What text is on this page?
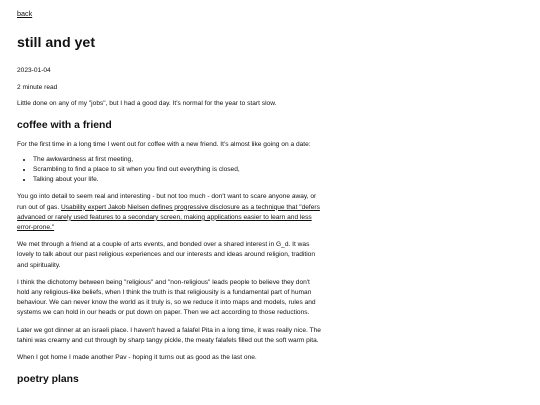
back
still and yet
2023-01-04
2 minute read

Little done on any of my "jobs", but I had a good day. It's normal for the year to start slow.

coffee with a friend

For the first time in a long time I went out for coffee with a new friend. It's almost like going on a date:

• The awkwardness at first meeting,
• Scrambling to find a place to sit when you find out everything is closed,
• Talking about your life.

You go into detail to seem real and interesting - but not too much - don't want to scare anyone away, or run out of gas. Usability expert Jakob Nielsen defines progressive disclosure as a technique that "defers advanced or rarely used features to a secondary screen, making applications easier to learn and less error-prone."

We met through a friend at a couple of arts events, and bonded over a shared interest in G_d. It was lovely to talk about our past religious experiences and our interests and ideas around religion, tradition and spirituality.

I think the dichotomy between being "religious" and "non-religious" leads people to believe they don't hold any religious-like beliefs, when I think the truth is that religiousity is a fundamental part of human behaviour. We can never know the world as it truly is, so we reduce it into maps and models, rules and systems we can hold in our heads or put down on paper. Then we act according to those reductions.

Later we got dinner at an israeli place. I haven't haved a falafel Pita in a long time, it was really nice. The tahini was creamy and cut through by sharp tangy pickle, the meaty falafels filled out the soft warm pita.

When I got home I made another Pav - hoping it turns out as good as the last one.

poetry plans
